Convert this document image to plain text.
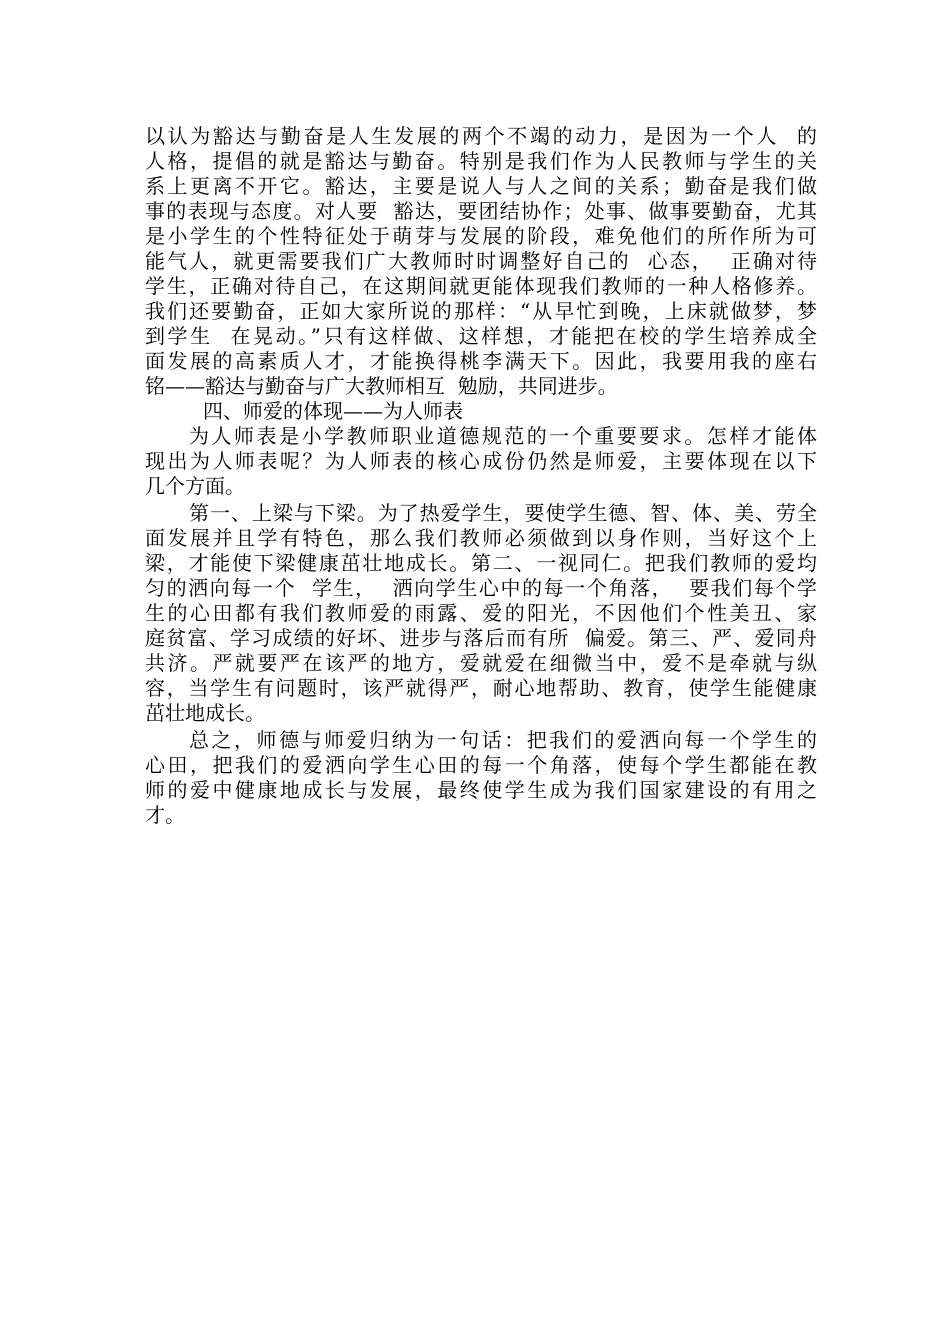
以认为豁达与勤奋是人生发展的两个不竭的动力，是因为一个人  的
人格，提倡的就是豁达与勤奋。特别是我们作为人民教师与学生的关
系上更离不开它。豁达，主要是说人与人之间的关系；勤奋是我们做
事的表现与态度。对人要  豁达，要团结协作；处事、做事要勤奋，尤其
是小学生的个性特征处于萌芽与发展的阶段，难免他们的所作所为可
能气人，就更需要我们广大教师时时调整好自己的  心态，  正确对待
学生，正确对待自己，在这期间就更能体现我们教师的一种人格修养。
我们还要勤奋，正如大家所说的那样：“从早忙到晚，上床就做梦，梦
到学生  在晃动。”只有这样做、这样想，才能把在校的学生培养成全
面发展的高素质人才，才能换得桃李满天下。因此，我要用我的座右
铭——豁达与勤奋与广大教师相互  勉励，共同进步。
四、师爱的体现——为人师表
为人师表是小学教师职业道德规范的一个重要要求。怎样才能体
现出为人师表呢？为人师表的核心成份仍然是师爱，主要体现在以下
几个方面。
第一、上梁与下梁。为了热爱学生，要使学生德、智、体、美、劳全
面发展并且学有特色，那么我们教师必须做到以身作则，当好这个上
梁，才能使下梁健康茁壮地成长。第二、一视同仁。把我们教师的爱均
匀的洒向每一个  学生，  洒向学生心中的每一个角落，  要我们每个学
生的心田都有我们教师爱的雨露、爱的阳光，不因他们个性美丑、家
庭贫富、学习成绩的好坏、进步与落后而有所  偏爱。第三、严、爱同舟
共济。严就要严在该严的地方，爱就爱在细微当中，爱不是牵就与纵
容，当学生有问题时，该严就得严，耐心地帮助、教育，使学生能健康
茁壮地成长。
总之，师德与师爱归纳为一句话：把我们的爱洒向每一个学生的
心田，把我们的爱洒向学生心田的每一个角落，使每个学生都能在教
师的爱中健康地成长与发展，最终使学生成为我们国家建设的有用之
才。
